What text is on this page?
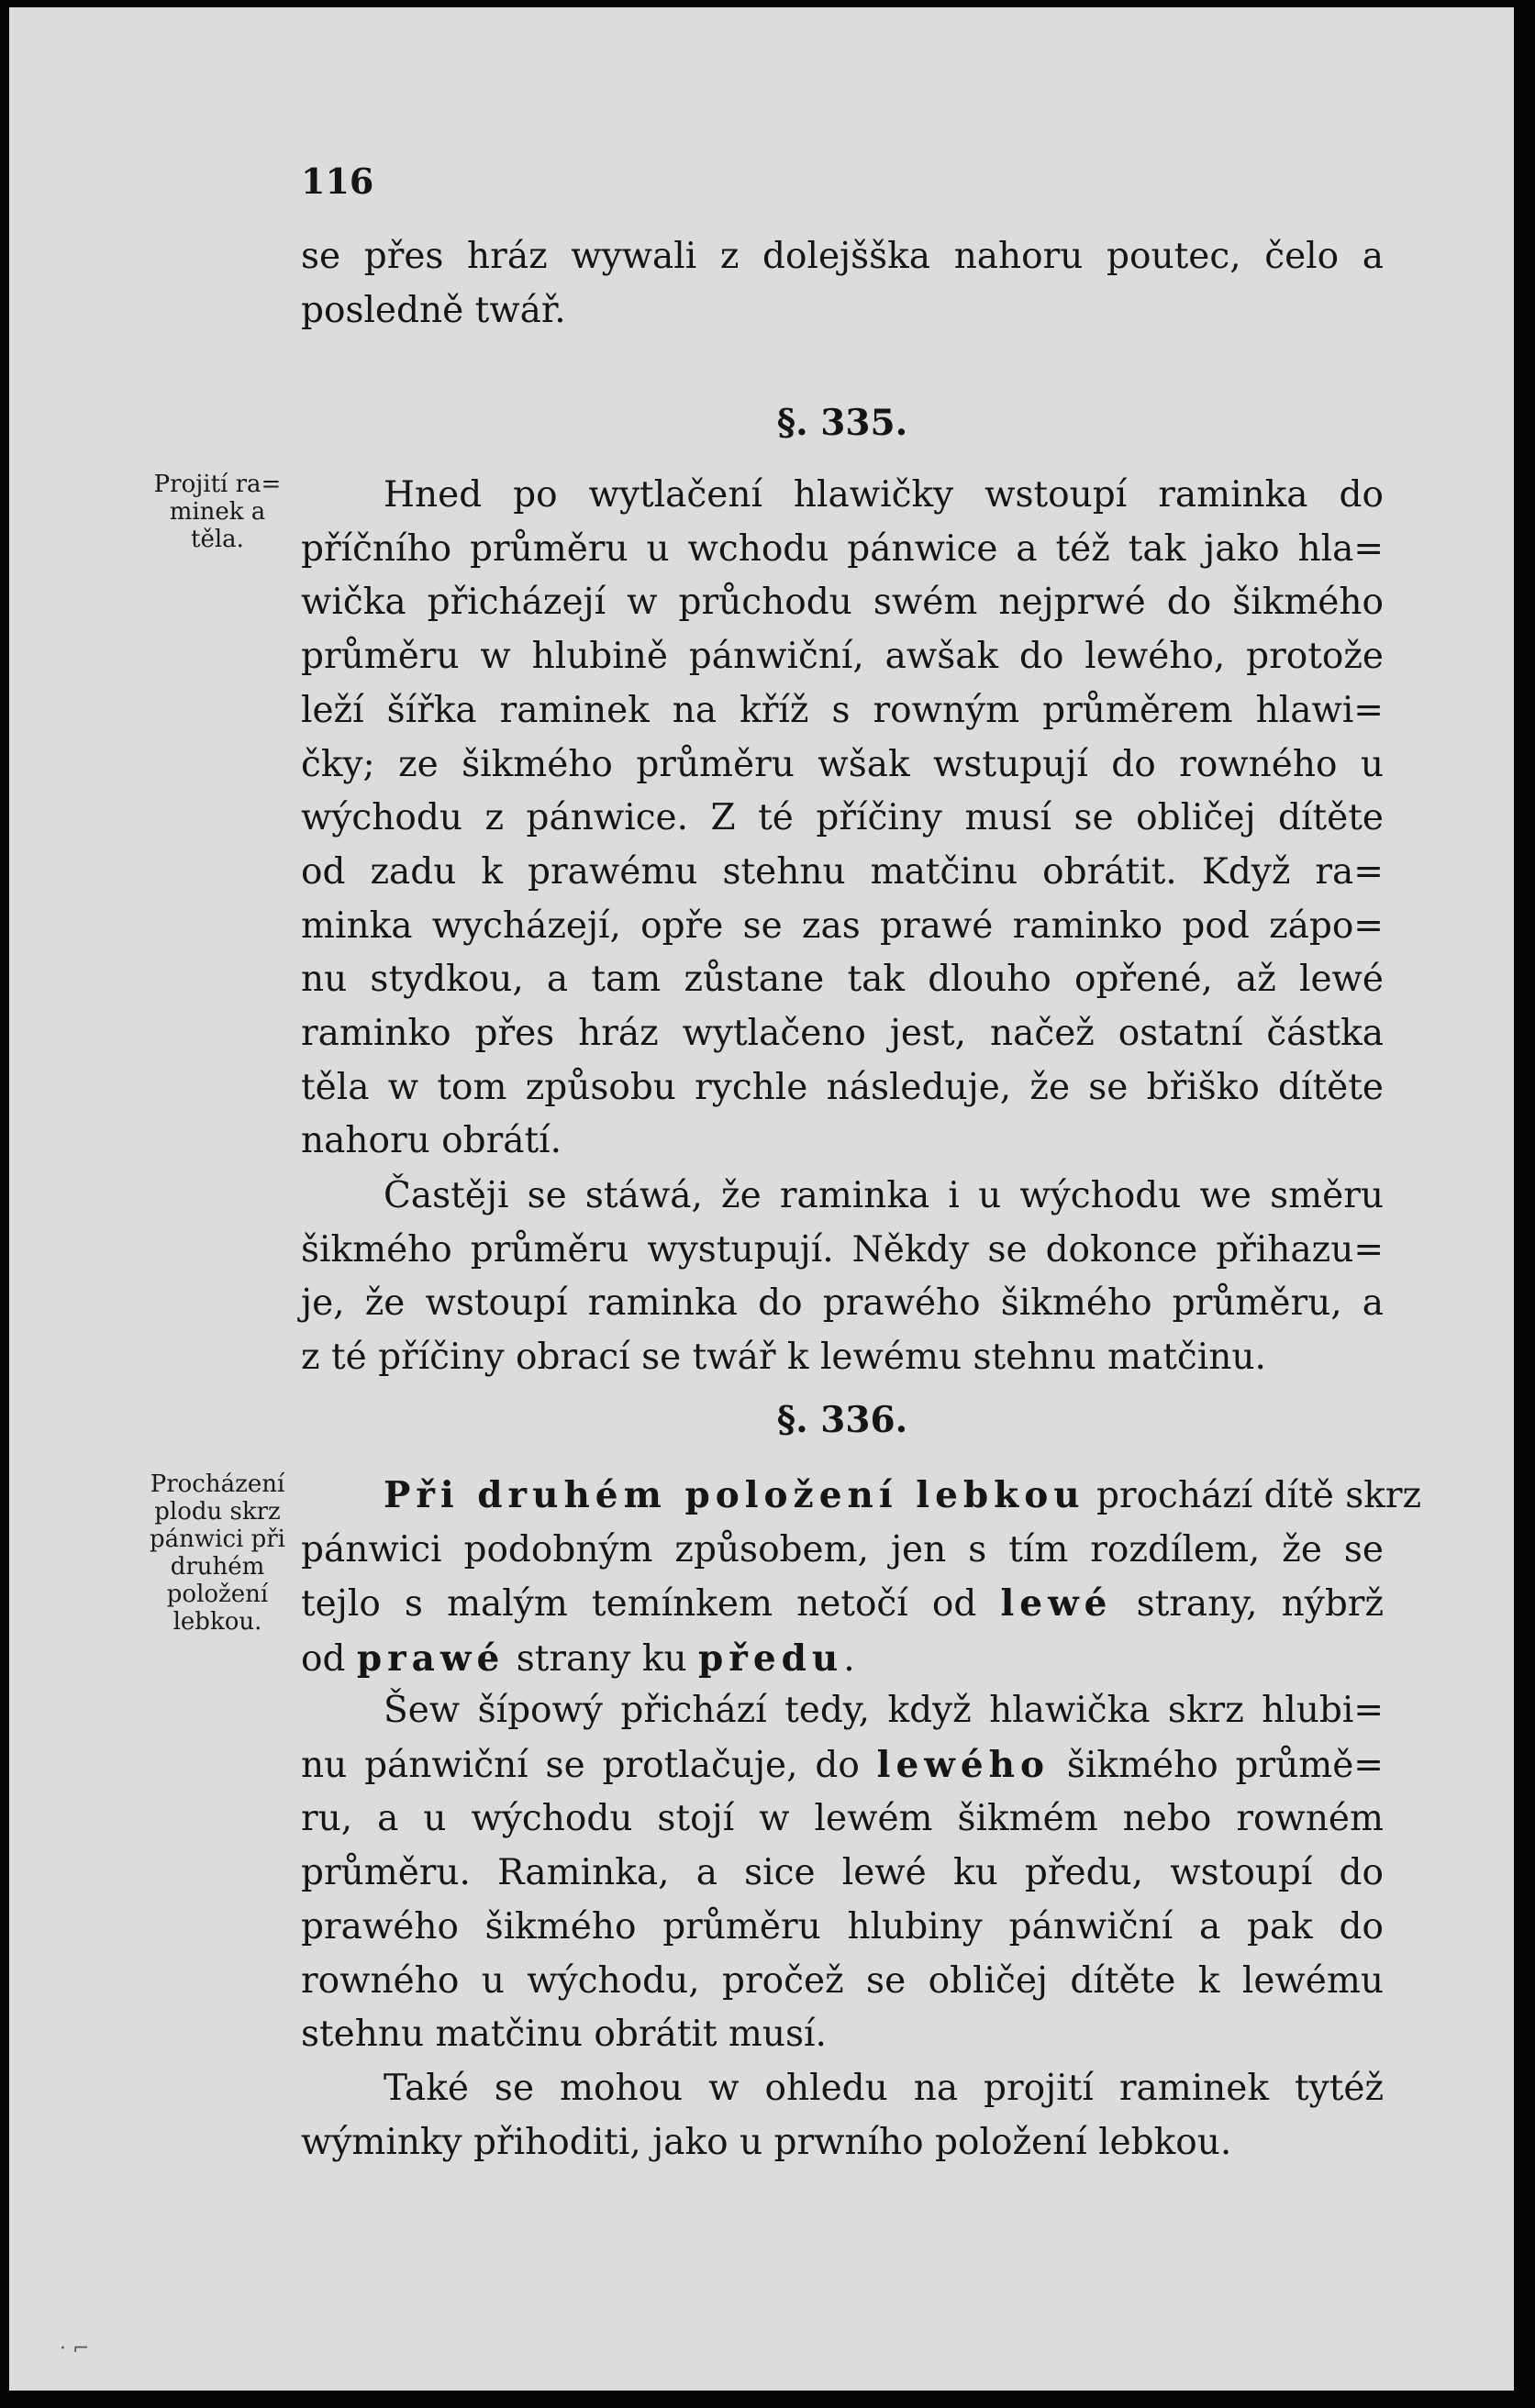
116
se přes hráz wywali z dolejšška nahoru poutec, čelo a
posledně twář.
§. 335.
Projití ra=
minek a
těla.
Hned po wytlačení hlawičky wstoupí raminka do
příčního průměru u wchodu pánwice a též tak jako hla=
wička přicházejí w průchodu swém nejprwé do šikmého
průměru w hlubině pánwiční, awšak do lewého, protože
leží šířka raminek na kříž s rowným průměrem hlawi=
čky; ze šikmého průměru wšak wstupují do rowného u
wýchodu z pánwice. Z té příčiny musí se obličej dítěte
od zadu k prawému stehnu matčinu obrátit. Když ra=
minka wycházejí, opře se zas prawé raminko pod zápo=
nu stydkou, a tam zůstane tak dlouho opřené, až lewé
raminko přes hráz wytlačeno jest, načež ostatní částka
těla w tom způsobu rychle následuje, že se břiško dítěte
nahoru obrátí.
Častěji se stáwá, že raminka i u wýchodu we směru
šikmého průměru wystupují. Někdy se dokonce přihazu=
je, že wstoupí raminka do prawého šikmého průměru, a
z té příčiny obrací se twář k lewému stehnu matčinu.
§. 336.
Procházení
plodu skrz
pánwici při
druhém
položení
lebkou.
Při druhém položení lebkou prochází dítě skrz
pánwici podobným způsobem, jen s tím rozdílem, že se
tejlo s malým temínkem netočí od lewé strany, nýbrž
od prawé strany ku předu.
Šew šípowý přichází tedy, když hlawička skrz hlubi=
nu pánwiční se protlačuje, do lewého šikmého průmě=
ru, a u wýchodu stojí w lewém šikmém nebo rowném
průměru. Raminka, a sice lewé ku předu, wstoupí do
prawého šikmého průměru hlubiny pánwiční a pak do
rowného u wýchodu, pročež se obličej dítěte k lewému
stehnu matčinu obrátit musí.
Také se mohou w ohledu na projití raminek tytéž
wýminky přihoditi, jako u prwního položení lebkou.
· ⌐
